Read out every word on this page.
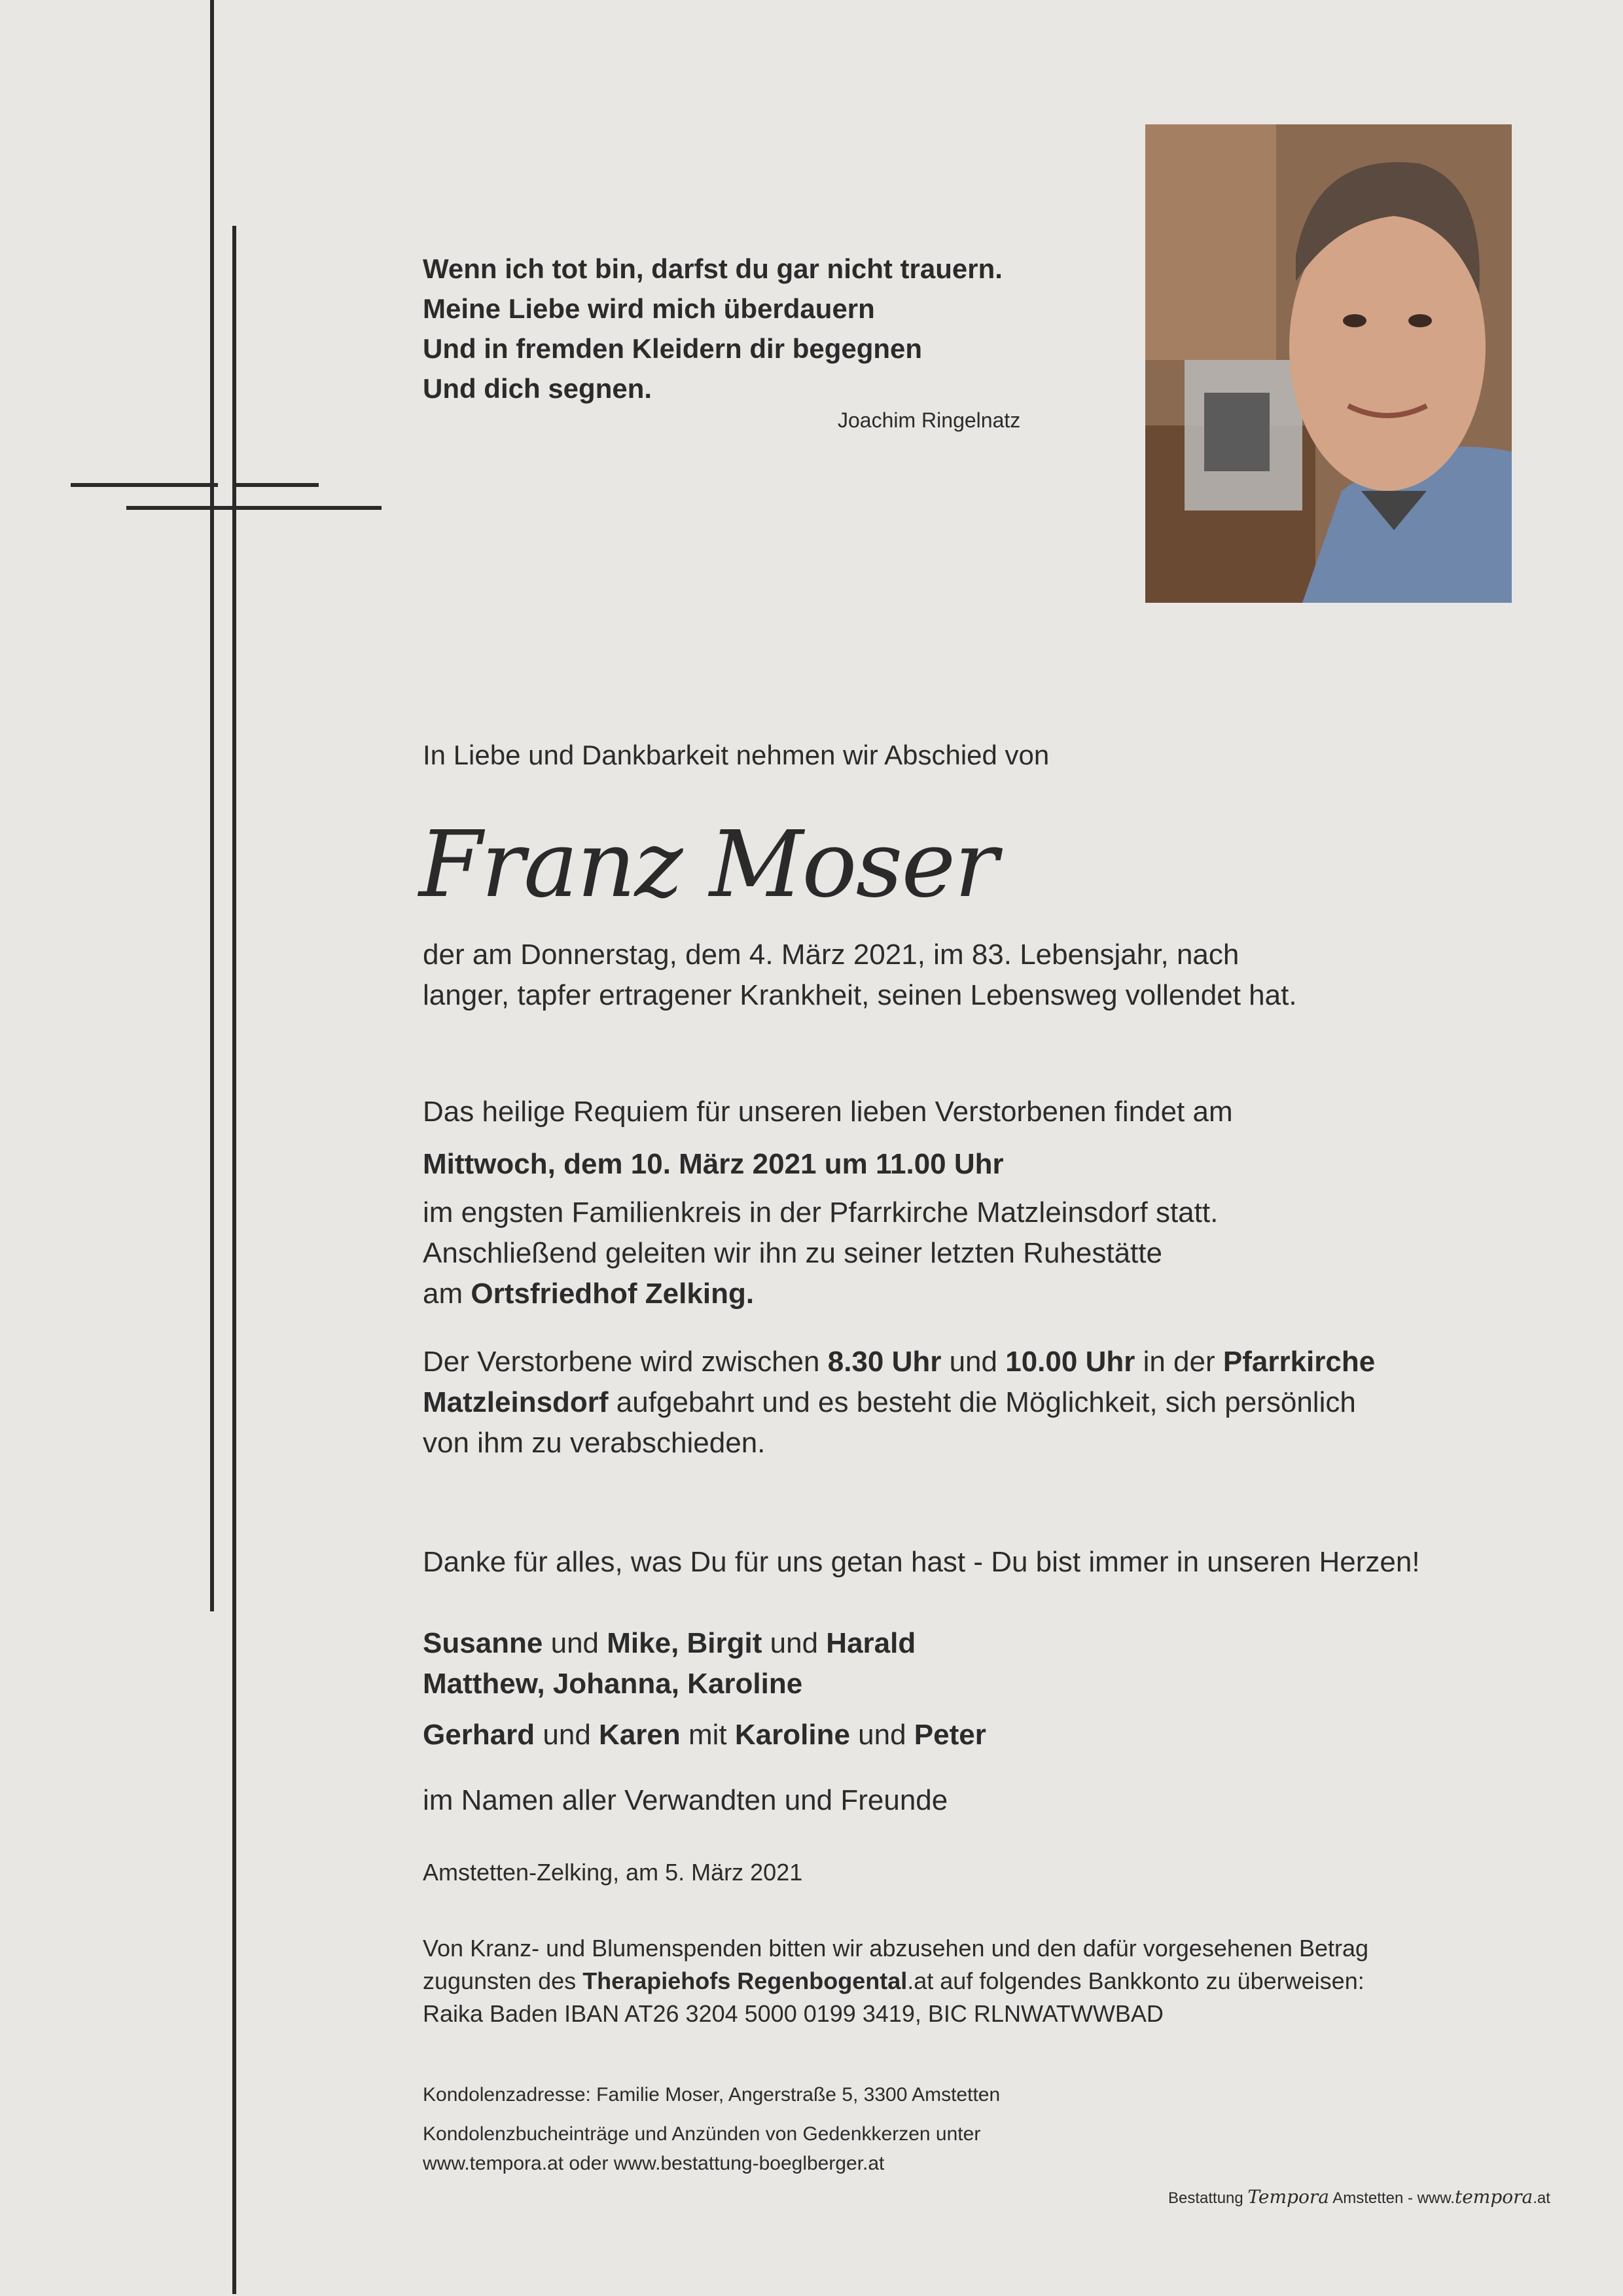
Wenn ich tot bin, darfst du gar nicht trauern.
Meine Liebe wird mich überdauern
Und in fremden Kleidern dir begegnen
Und dich segnen.
Joachim Ringelnatz
In Liebe und Dankbarkeit nehmen wir Abschied von
Franz Moser
der am Donnerstag, dem 4. März 2021, im 83. Lebensjahr, nach
langer, tapfer ertragener Krankheit, seinen Lebensweg vollendet hat.
Das heilige Requiem für unseren lieben Verstorbenen findet am
Mittwoch, dem 10. März 2021 um 11.00 Uhr
im engsten Familienkreis in der Pfarrkirche Matzleinsdorf statt.
Anschließend geleiten wir ihn zu seiner letzten Ruhestätte
am Ortsfriedhof Zelking.
Der Verstorbene wird zwischen 8.30 Uhr und 10.00 Uhr in der Pfarrkirche
Matzleinsdorf aufgebahrt und es besteht die Möglichkeit, sich persönlich
von ihm zu verabschieden.
Danke für alles, was Du für uns getan hast - Du bist immer in unseren Herzen!
Susanne und Mike, Birgit und Harald
Matthew, Johanna, Karoline
Gerhard und Karen mit Karoline und Peter
im Namen aller Verwandten und Freunde
Amstetten-Zelking, am 5. März 2021
Von Kranz- und Blumenspenden bitten wir abzusehen und den dafür vorgesehenen Betrag
zugunsten des Therapiehofs Regenbogental.at auf folgendes Bankkonto zu überweisen:
Raika Baden IBAN AT26 3204 5000 0199 3419, BIC RLNWATWWBAD
Kondolenzadresse: Familie Moser, Angerstraße 5, 3300 Amstetten
Kondolenzbucheinträge und Anzünden von Gedenkkerzen unter
www.tempora.at oder www.bestattung-boeglberger.at
Bestattung Tempora Amstetten - www.tempora.at
